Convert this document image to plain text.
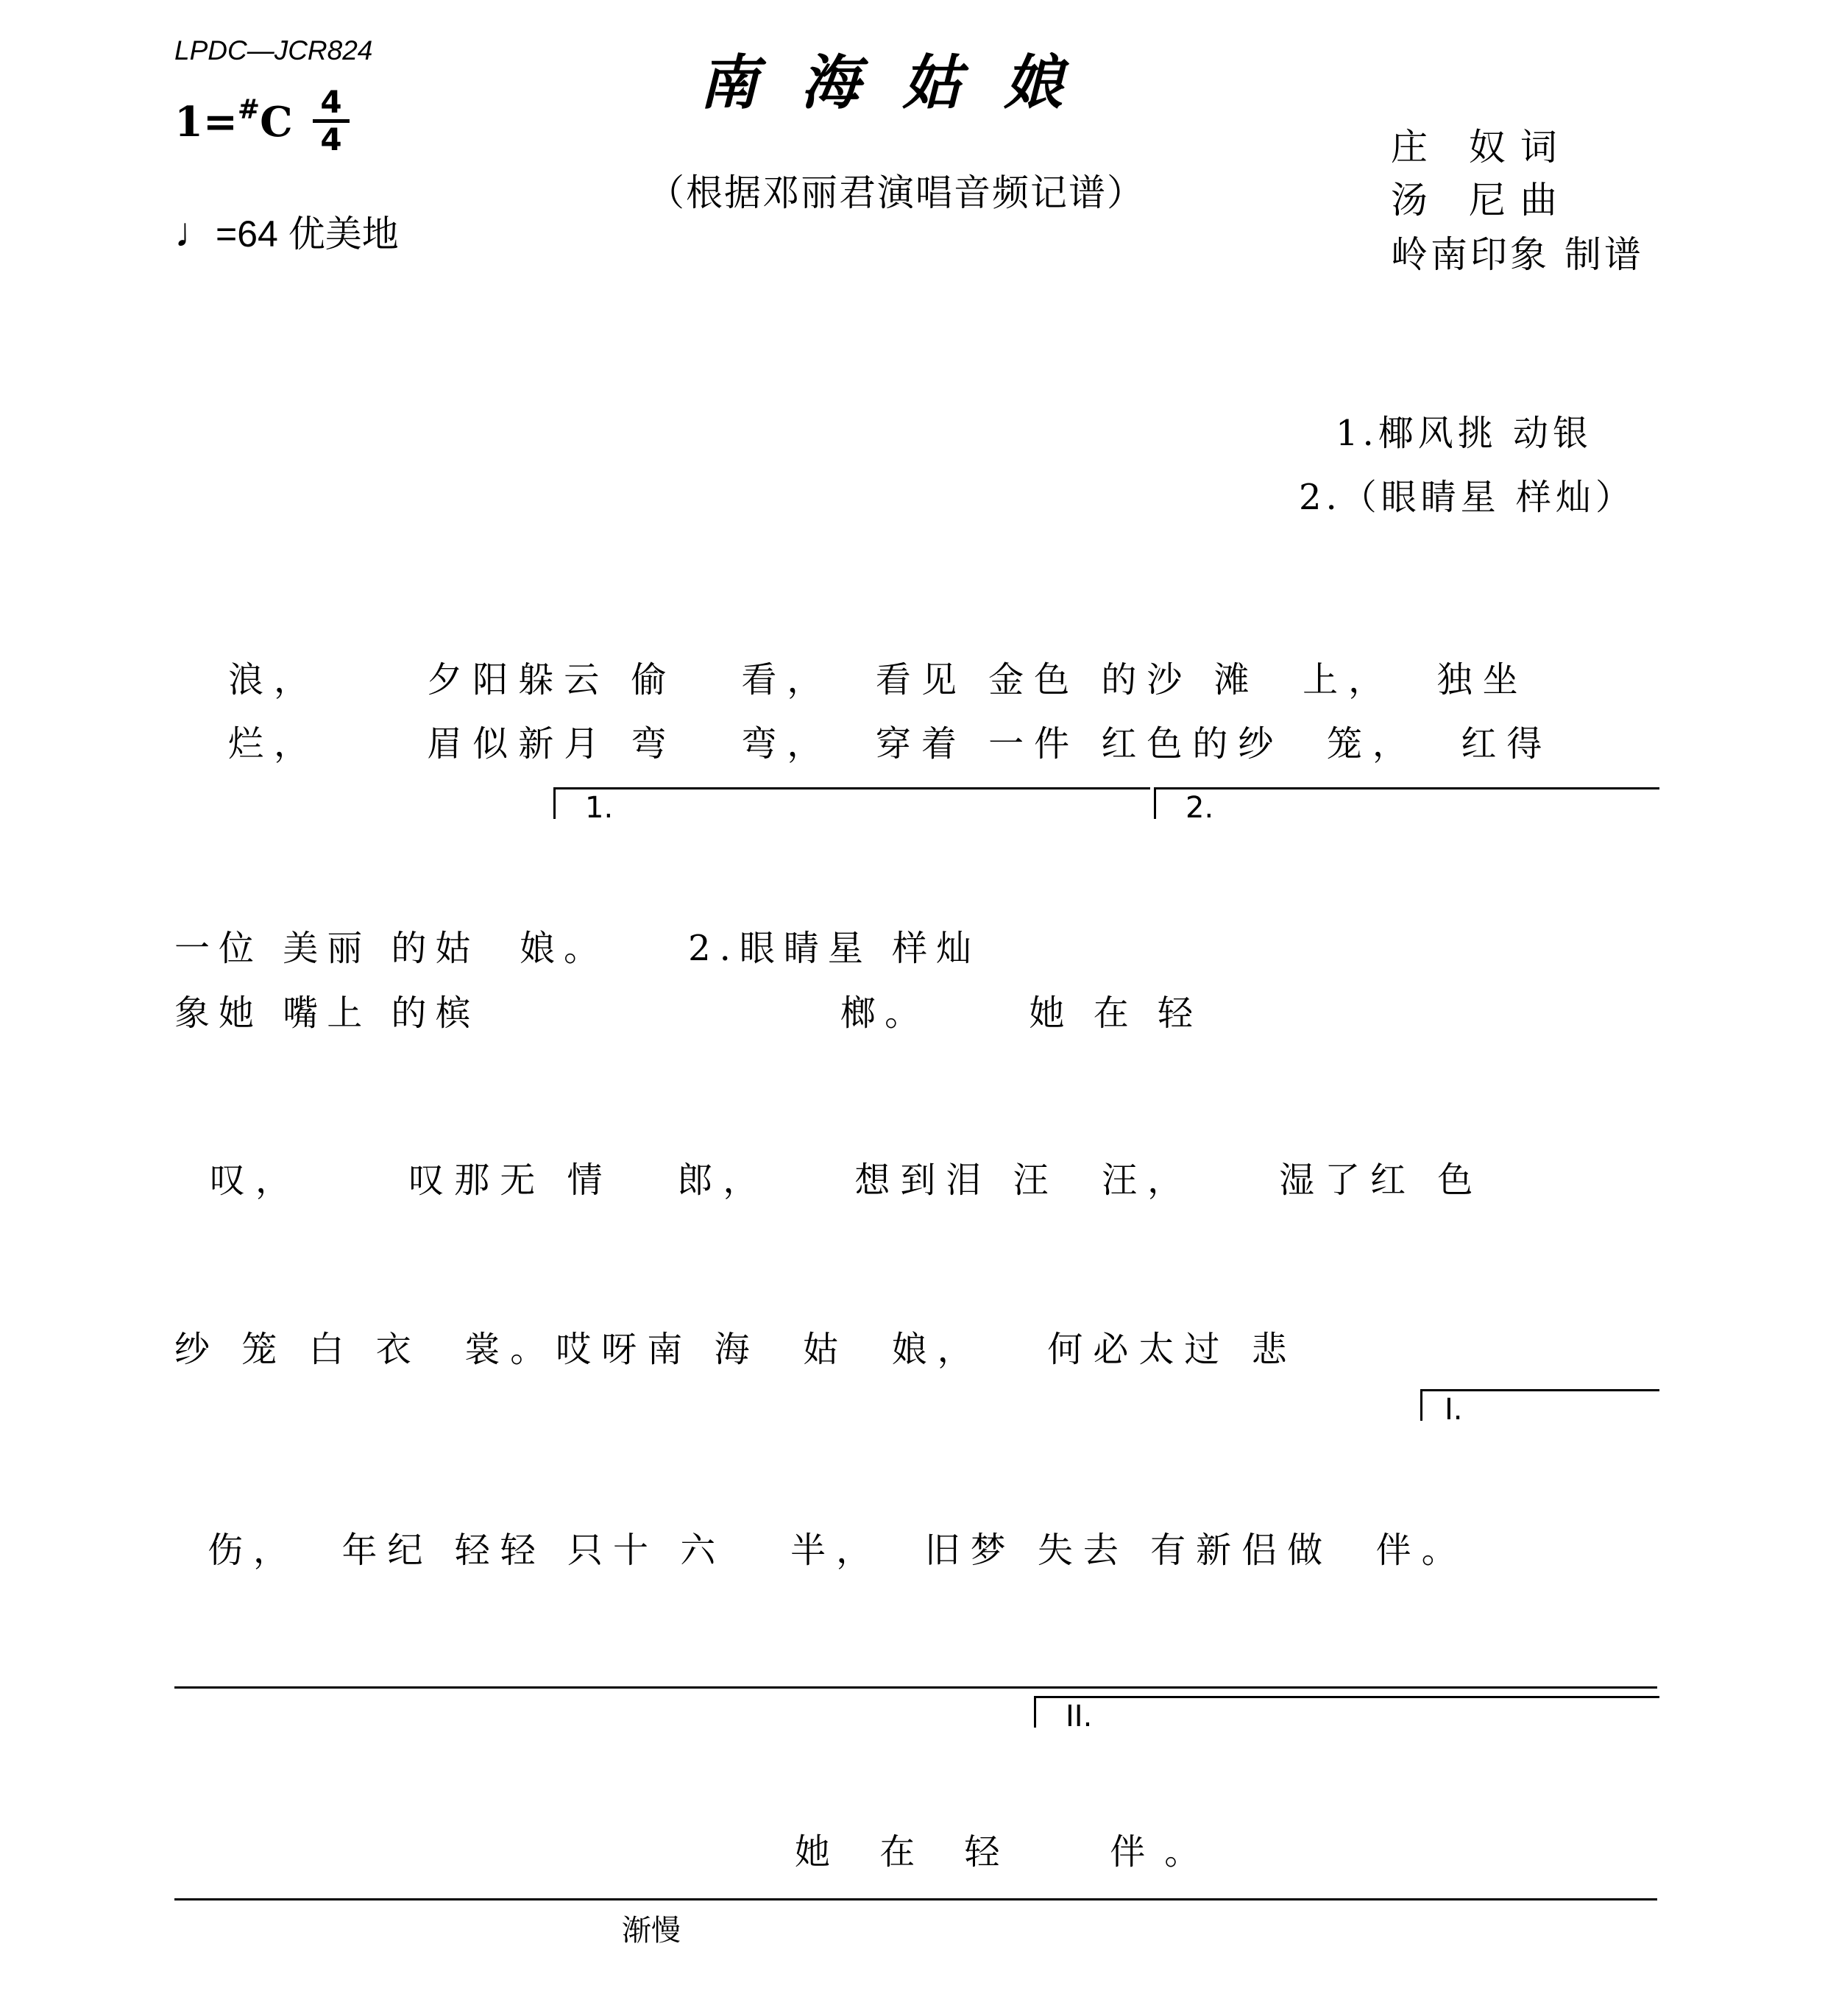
LPDC—JCR824	南海姑娘
（根据邓丽君演唱音频记谱）
1=#C 4
4
♩=64 优美地
庄 奴词
汤 尼曲
岭南印象 制谱

1.椰风挑 动银
2.（眼睛星 样灿）

浪，     夕阳躲云 偷   看，  看见 金色 的沙 滩  上，  独坐
烂，     眉似新月 弯   弯，  穿着 一件 红色的纱  笼，  红得
1.	2.

一位 美丽 的姑  娘。    2.眼睛星 样灿
象她 嘴上 的槟                  榔。     她 在 轻

叹，     叹那无 情   郎，    想到泪 汪  汪，    湿了红 色

纱 笼 白 衣  裳。哎呀南 海  姑  娘，   何必太过 悲
I.

伤，  年纪 轻轻 只十 六   半，  旧梦 失去 有新侣做  伴。

II.

她 在 轻   伴。
渐慢
